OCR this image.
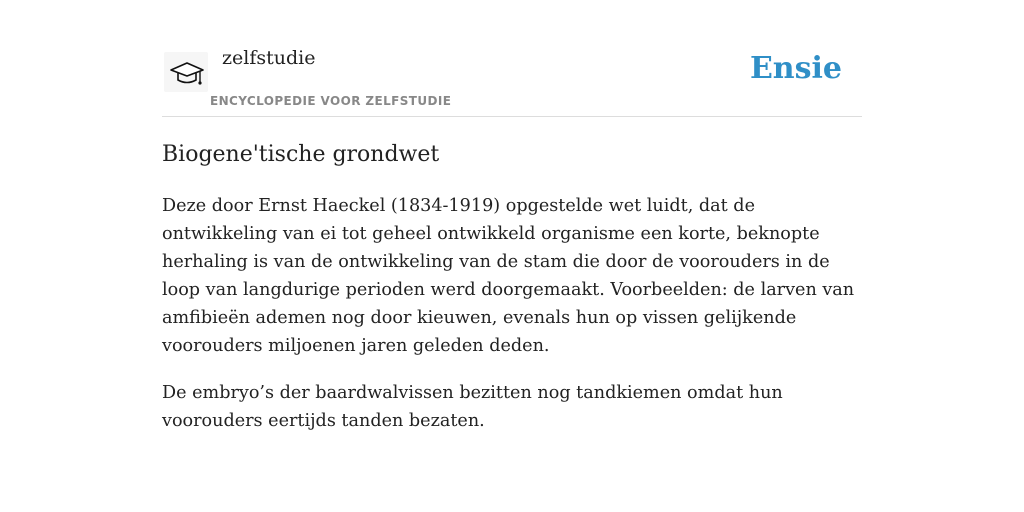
zelfstudie
ENCYCLOPEDIE VOOR ZELFSTUDIE
Ensie
Biogene'tische grondwet

Deze door Ernst Haeckel (1834-1919) opgestelde wet luidt, dat de ontwikkeling van ei tot geheel ontwikkeld organisme een korte, beknopte herhaling is van de ontwikkeling van de stam die door de voorouders in de loop van langdurige perioden werd doorgemaakt. Voorbeelden: de larven van amfibieën ademen nog door kieuwen, evenals hun op vissen gelijkende voorouders miljoenen jaren geleden deden.

De embryo’s der baardwalvissen bezitten nog tandkiemen omdat hun voorouders eertijds tanden bezaten.
